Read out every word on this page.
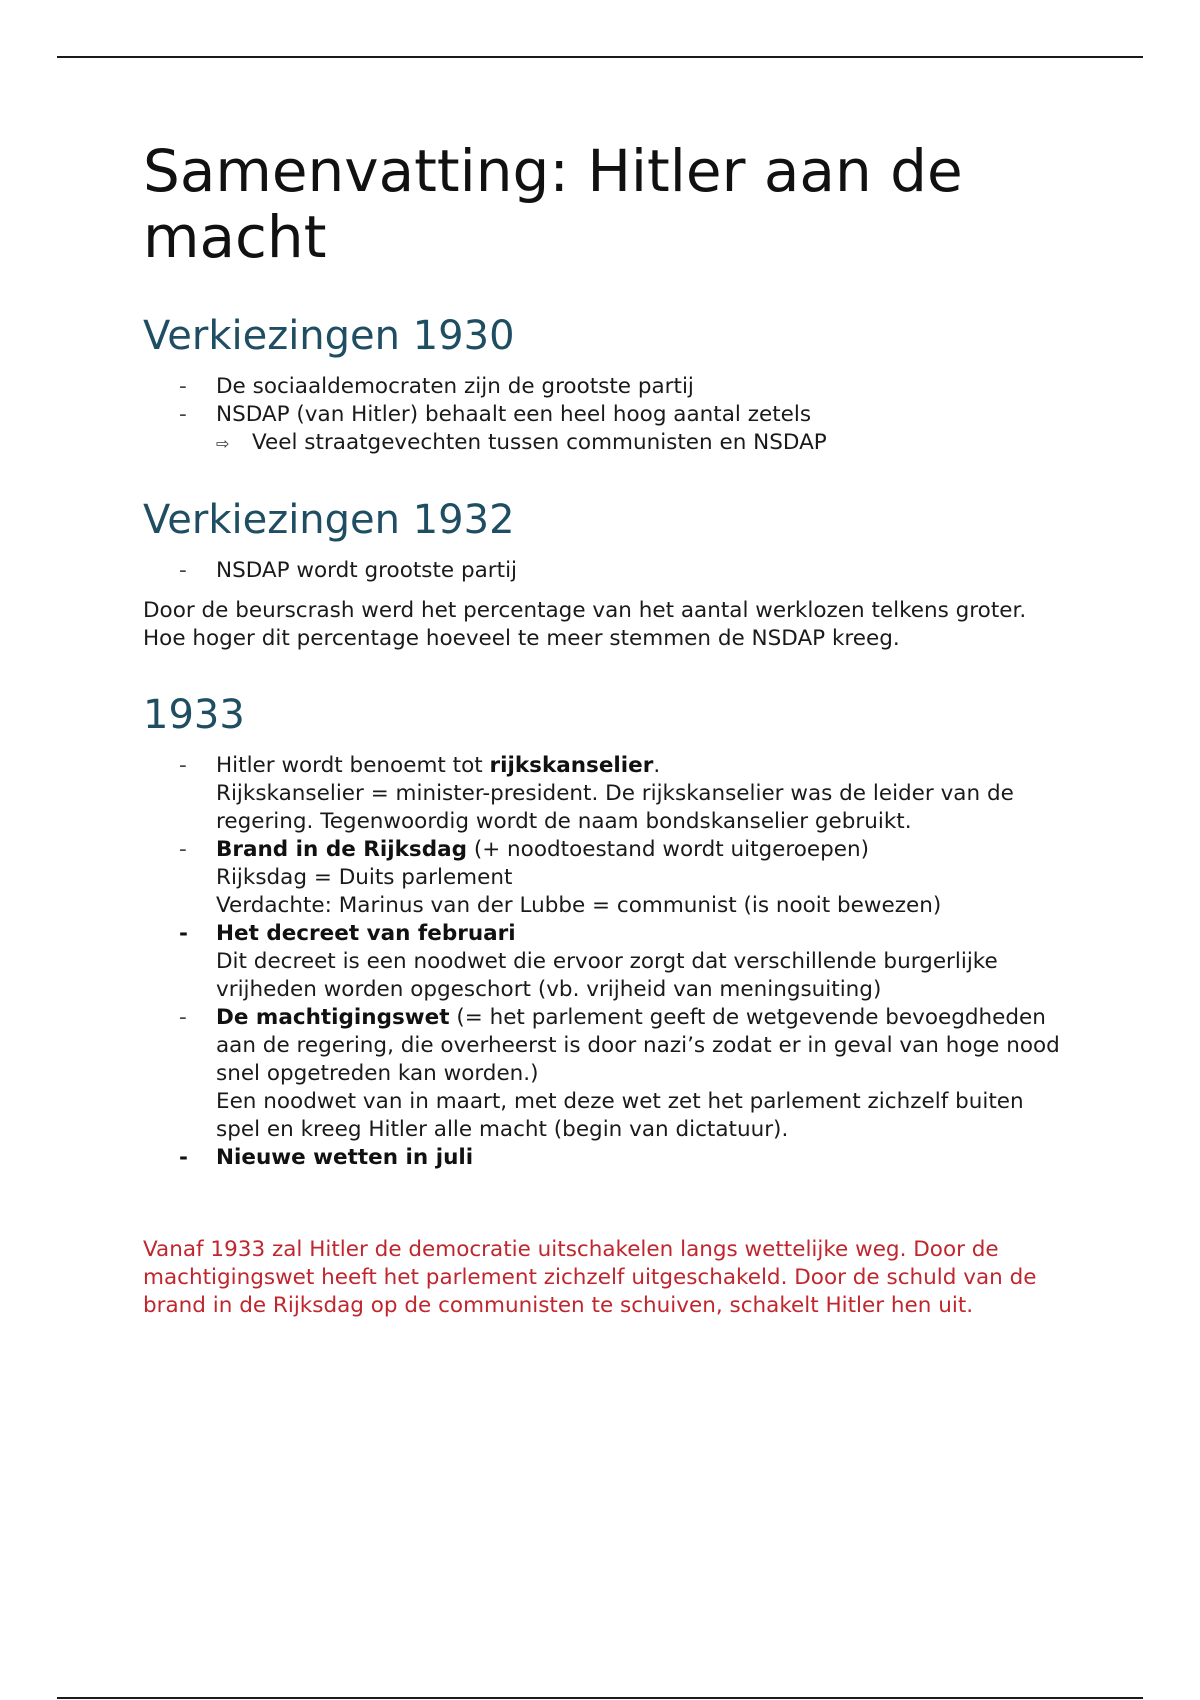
Samenvatting: Hitler aan de macht
Verkiezingen 1930
- De sociaaldemocraten zijn de grootste partij
- NSDAP (van Hitler) behaalt een heel hoog aantal zetels
⇨ Veel straatgevechten tussen communisten en NSDAP
Verkiezingen 1932
- NSDAP wordt grootste partij

Door de beurscrash werd het percentage van het aantal werklozen telkens groter. Hoe hoger dit percentage hoeveel te meer stemmen de NSDAP kreeg.

1933
- Hitler wordt benoemt tot rijkskanselier.
Rijkskanselier = minister-president. De rijkskanselier was de leider van de regering. Tegenwoordig wordt de naam bondskanselier gebruikt.
- Brand in de Rijksdag (+ noodtoestand wordt uitgeroepen)
Rijksdag = Duits parlement
Verdachte: Marinus van der Lubbe = communist (is nooit bewezen)
- Het decreet van februari
Dit decreet is een noodwet die ervoor zorgt dat verschillende burgerlijke vrijheden worden opgeschort (vb. vrijheid van meningsuiting)
- De machtigingswet (= het parlement geeft de wetgevende bevoegdheden aan de regering, die overheerst is door nazi’s zodat er in geval van hoge nood snel opgetreden kan worden.)
Een noodwet van in maart, met deze wet zet het parlement zichzelf buiten spel en kreeg Hitler alle macht (begin van dictatuur).
- Nieuwe wetten in juli

Vanaf 1933 zal Hitler de democratie uitschakelen langs wettelijke weg. Door de machtigingswet heeft het parlement zichzelf uitgeschakeld. Door de schuld van de brand in de Rijksdag op de communisten te schuiven, schakelt Hitler hen uit.
